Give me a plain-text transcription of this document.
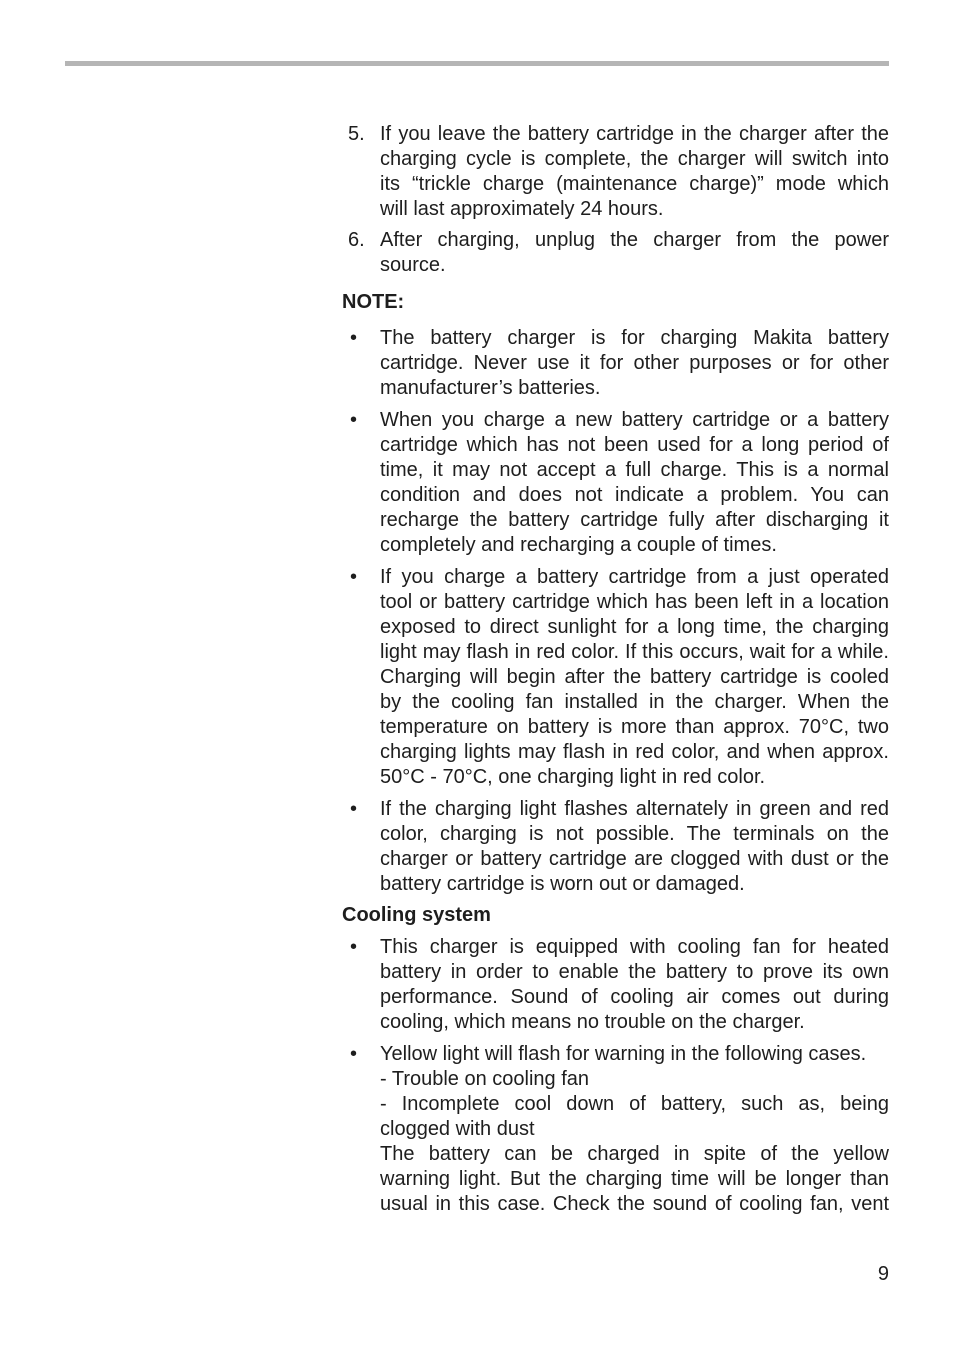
5. If you leave the battery cartridge in the charger after the
charging cycle is complete, the charger will switch into
its “trickle charge (maintenance charge)” mode which
will last approximately 24 hours.
6. After charging, unplug the charger from the power
source.
NOTE:
• The battery charger is for charging Makita battery
cartridge. Never use it for other purposes or for other
manufacturer’s batteries.
• When you charge a new battery cartridge or a battery
cartridge which has not been used for a long period of
time, it may not accept a full charge. This is a normal
condition and does not indicate a problem. You can
recharge the battery cartridge fully after discharging it
completely and recharging a couple of times.
• If you charge a battery cartridge from a just operated
tool or battery cartridge which has been left in a location
exposed to direct sunlight for a long time, the charging
light may flash in red color. If this occurs, wait for a while.
Charging will begin after the battery cartridge is cooled
by the cooling fan installed in the charger. When the
temperature on battery is more than approx. 70°C, two
charging lights may flash in red color, and when approx.
50°C - 70°C, one charging light in red color.
• If the charging light flashes alternately in green and red
color, charging is not possible. The terminals on the
charger or battery cartridge are clogged with dust or the
battery cartridge is worn out or damaged.
Cooling system
• This charger is equipped with cooling fan for heated
battery in order to enable the battery to prove its own
performance. Sound of cooling air comes out during
cooling, which means no trouble on the charger.
• Yellow light will flash for warning in the following cases.
- Trouble on cooling fan
- Incomplete cool down of battery, such as, being
clogged with dust
The battery can be charged in spite of the yellow
warning light. But the charging time will be longer than
usual in this case. Check the sound of cooling fan, vent
9
